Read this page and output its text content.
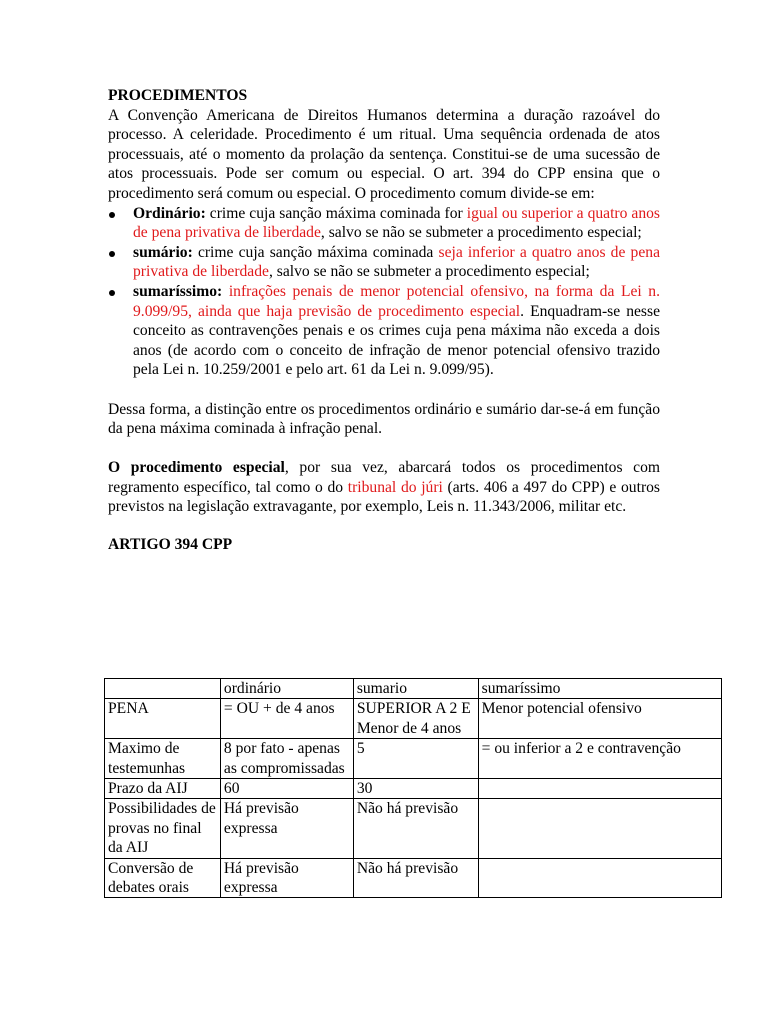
PROCEDIMENTOS

A Convenção Americana de Direitos Humanos determina a duração razoável do processo. A celeridade. Procedimento é um ritual. Uma sequência ordenada de atos processuais, até o momento da prolação da sentença. Constitui-se de uma sucessão de atos processuais. Pode ser comum ou especial. O art. 394 do CPP ensina que o procedimento será comum ou especial. O procedimento comum divide-se em:

Ordinário: crime cuja sanção máxima cominada for igual ou superior a quatro anos de pena privativa de liberdade, salvo se não se submeter a procedimento especial;
sumário: crime cuja sanção máxima cominada seja inferior a quatro anos de pena privativa de liberdade, salvo se não se submeter a procedimento especial;
sumaríssimo: infrações penais de menor potencial ofensivo, na forma da Lei n. 9.099/95, ainda que haja previsão de procedimento especial. Enquadram-se nesse conceito as contravenções penais e os crimes cuja pena máxima não exceda a dois anos (de acordo com o conceito de infração de menor potencial ofensivo trazido pela Lei n. 10.259/2001 e pelo art. 61 da Lei n. 9.099/95).

Dessa forma, a distinção entre os procedimentos ordinário e sumário dar-se-á em função da pena máxima cominada à infração penal.

O procedimento especial, por sua vez, abarcará todos os procedimentos com regramento específico, tal como o do tribunal do júri (arts. 406 a 497 do CPP) e outros previstos na legislação extravagante, por exemplo, Leis n. 11.343/2006, militar etc.

ARTIGO 394 CPP

	ordinário	sumario	sumaríssimo
PENA	= OU + de 4 anos	SUPERIOR A 2 E Menor de 4 anos	Menor potencial ofensivo
Maximo de testemunhas	8 por fato - apenas as compromissadas	5	= ou inferior a 2 e contravenção
Prazo da AIJ	60	30	
Possibilidades de provas no final da AIJ	Há previsão expressa	Não há previsão	
Conversão de debates orais	Há previsão expressa	Não há previsão	
